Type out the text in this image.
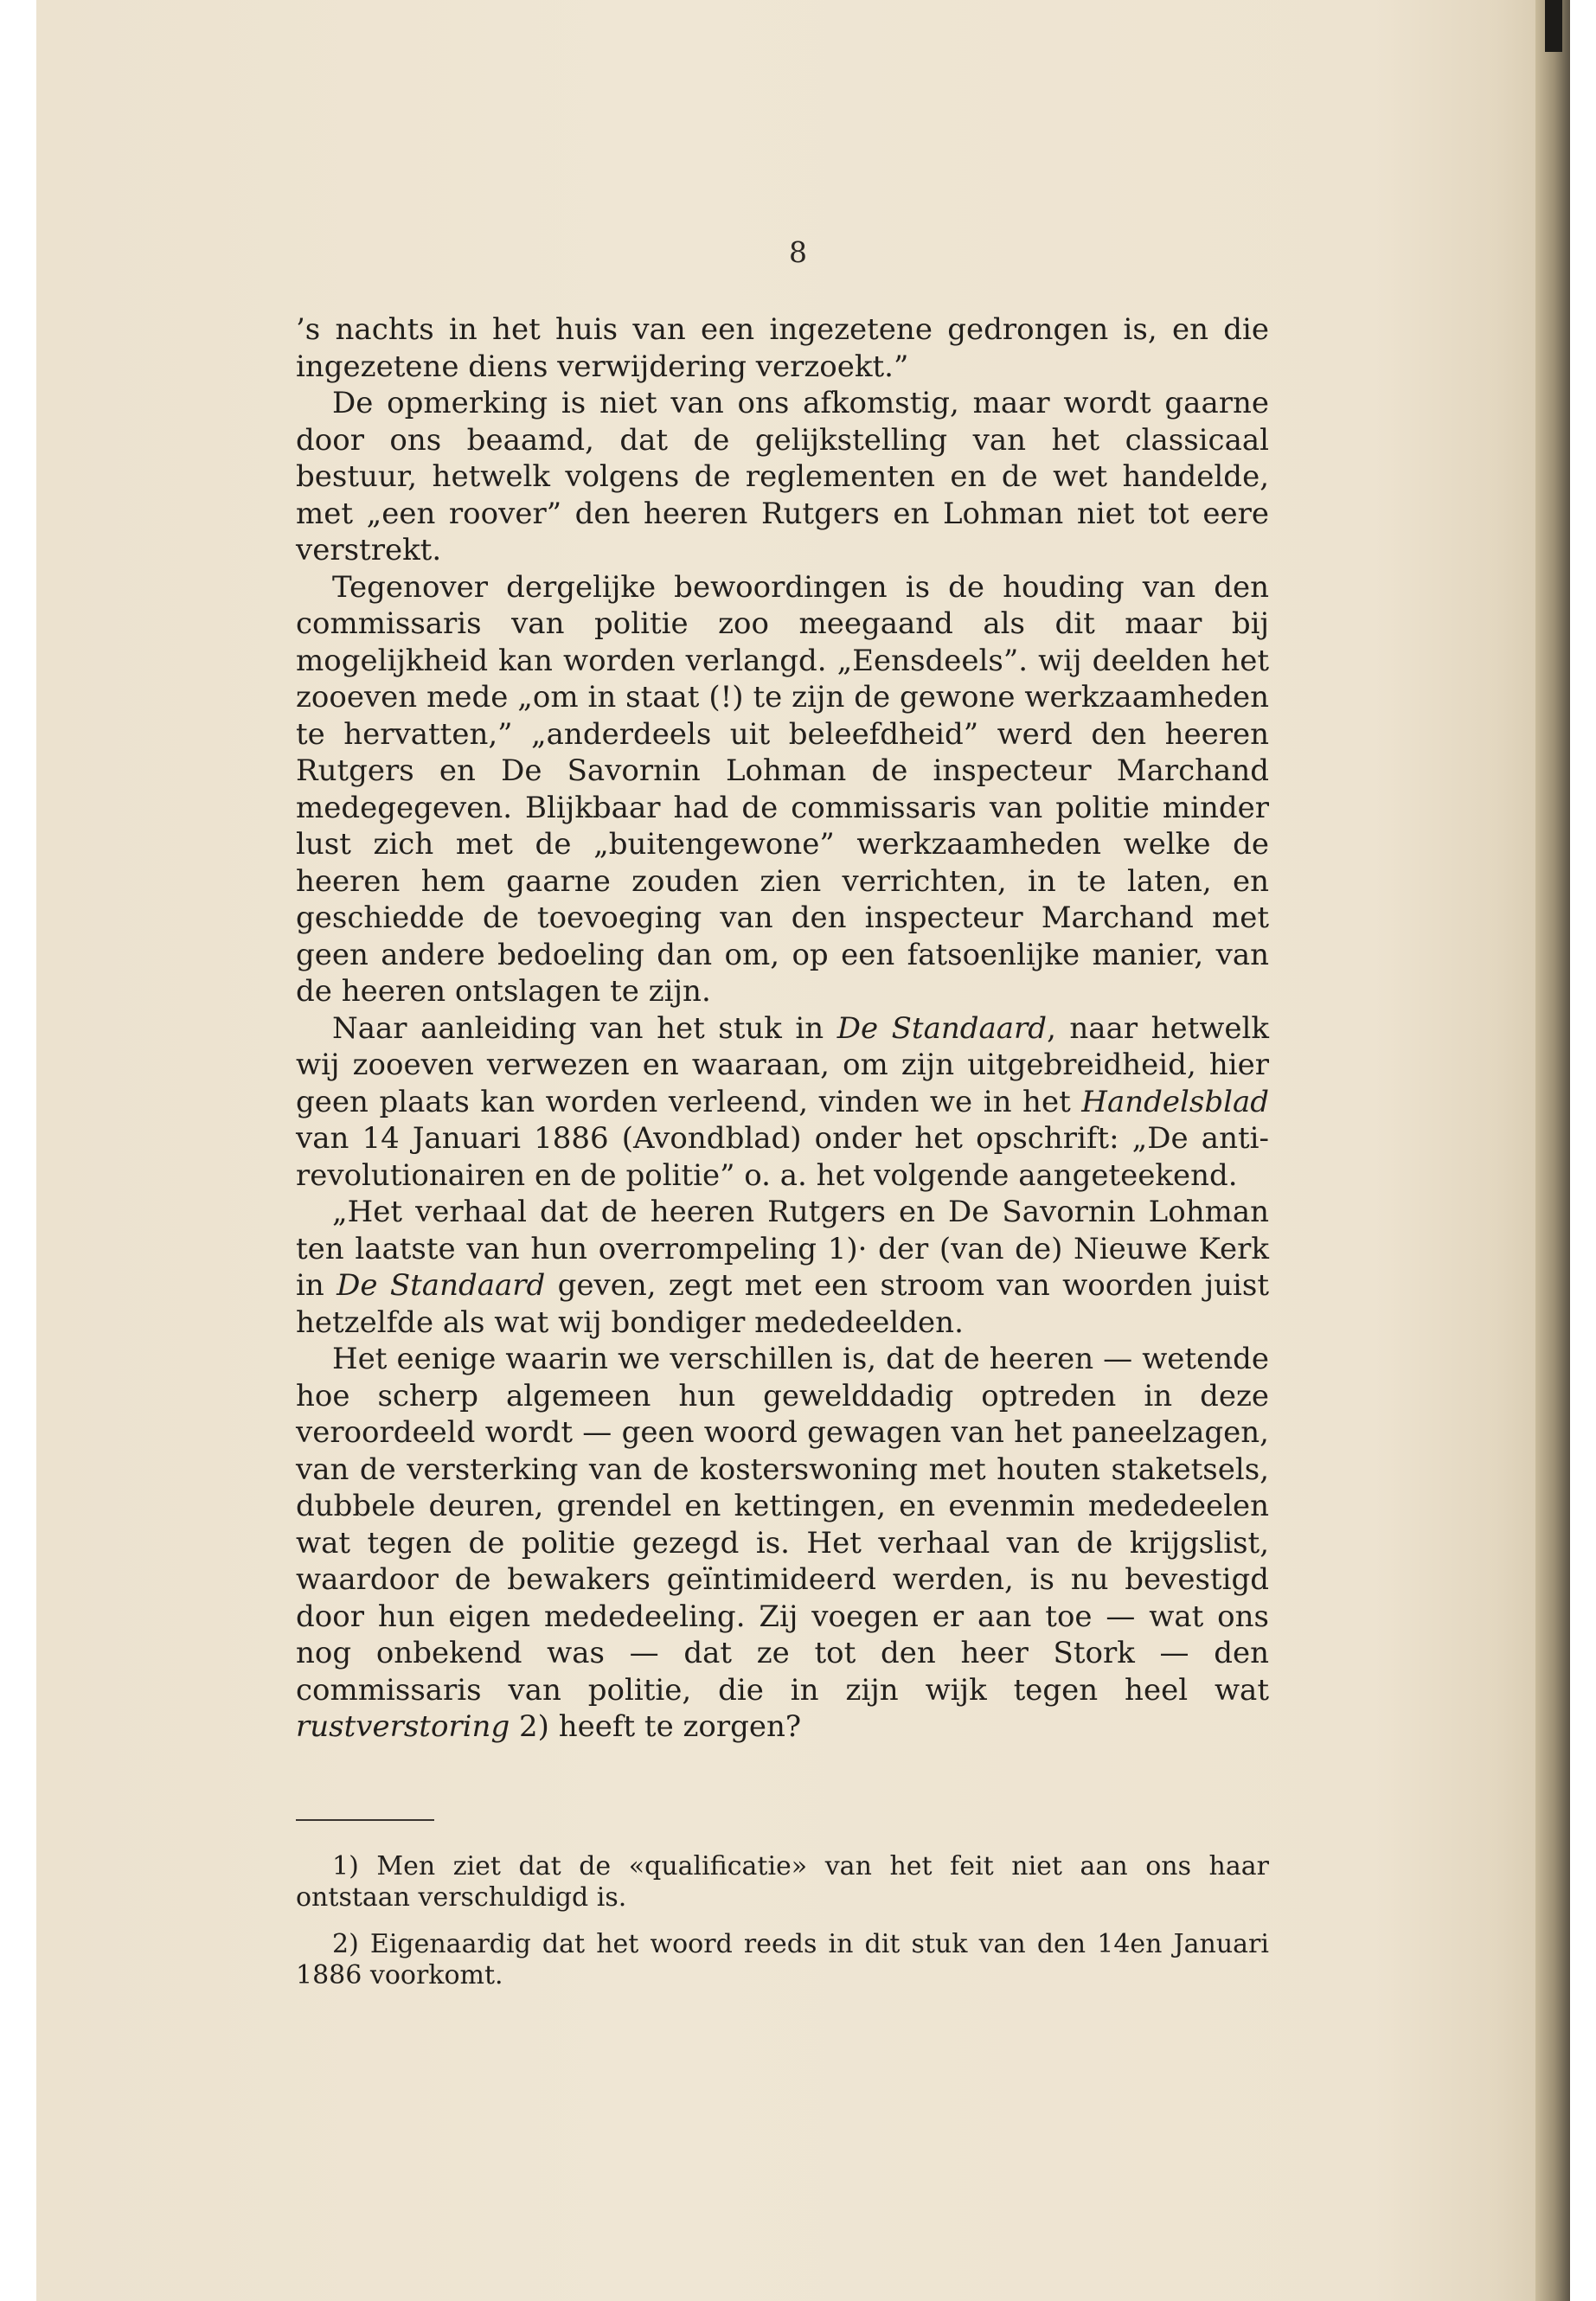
8

’s nachts in het huis van een ingezetene gedrongen is, en die ingezetene diens verwijdering verzoekt.”

De opmerking is niet van ons afkomstig, maar wordt gaarne door ons beaamd, dat de gelijkstelling van het classicaal bestuur, hetwelk volgens de reglementen en de wet handelde, met „een roover” den heeren Rutgers en Lohman niet tot eere verstrekt.

Tegenover dergelijke bewoordingen is de houding van den commissaris van politie zoo meegaand als dit maar bij mogelijkheid kan worden verlangd. „Eensdeels”. wij deelden het zooeven mede „om in staat (!) te zijn de gewone werkzaamheden te hervatten,” „anderdeels uit beleefdheid” werd den heeren Rutgers en De Savornin Lohman de inspecteur Marchand medegegeven. Blijkbaar had de commissaris van politie minder lust zich met de „buitengewone” werkzaamheden welke de heeren hem gaarne zouden zien verrichten, in te laten, en geschiedde de toevoeging van den inspecteur Marchand met geen andere bedoeling dan om, op een fatsoenlijke manier, van de heeren ontslagen te zijn.

Naar aanleiding van het stuk in De Standaard, naar hetwelk wij zooeven verwezen en waaraan, om zijn uitgebreidheid, hier geen plaats kan worden verleend, vinden we in het Handelsblad van 14 Januari 1886 (Avondblad) onder het opschrift: „De anti-revolutionairen en de politie” o. a. het volgende aangeteekend.

„Het verhaal dat de heeren Rutgers en De Savornin Lohman ten laatste van hun overrompeling 1)· der (van de) Nieuwe Kerk in De Standaard geven, zegt met een stroom van woorden juist hetzelfde als wat wij bondiger mededeelden.

Het eenige waarin we verschillen is, dat de heeren — wetende hoe scherp algemeen hun gewelddadig optreden in deze veroordeeld wordt — geen woord gewagen van het paneelzagen, van de versterking van de kosterswoning met houten staketsels, dubbele deuren, grendel en kettingen, en evenmin mededeelen wat tegen de politie gezegd is. Het verhaal van de krijgslist, waardoor de bewakers geïntimideerd werden, is nu bevestigd door hun eigen mededeeling. Zij voegen er aan toe — wat ons nog onbekend was — dat ze tot den heer Stork — den commissaris van politie, die in zijn wijk tegen heel wat rustverstoring 2) heeft te zorgen?

1) Men ziet dat de «qualificatie» van het feit niet aan ons haar ontstaan verschuldigd is.

2) Eigenaardig dat het woord reeds in dit stuk van den 14en Januari 1886 voorkomt.
